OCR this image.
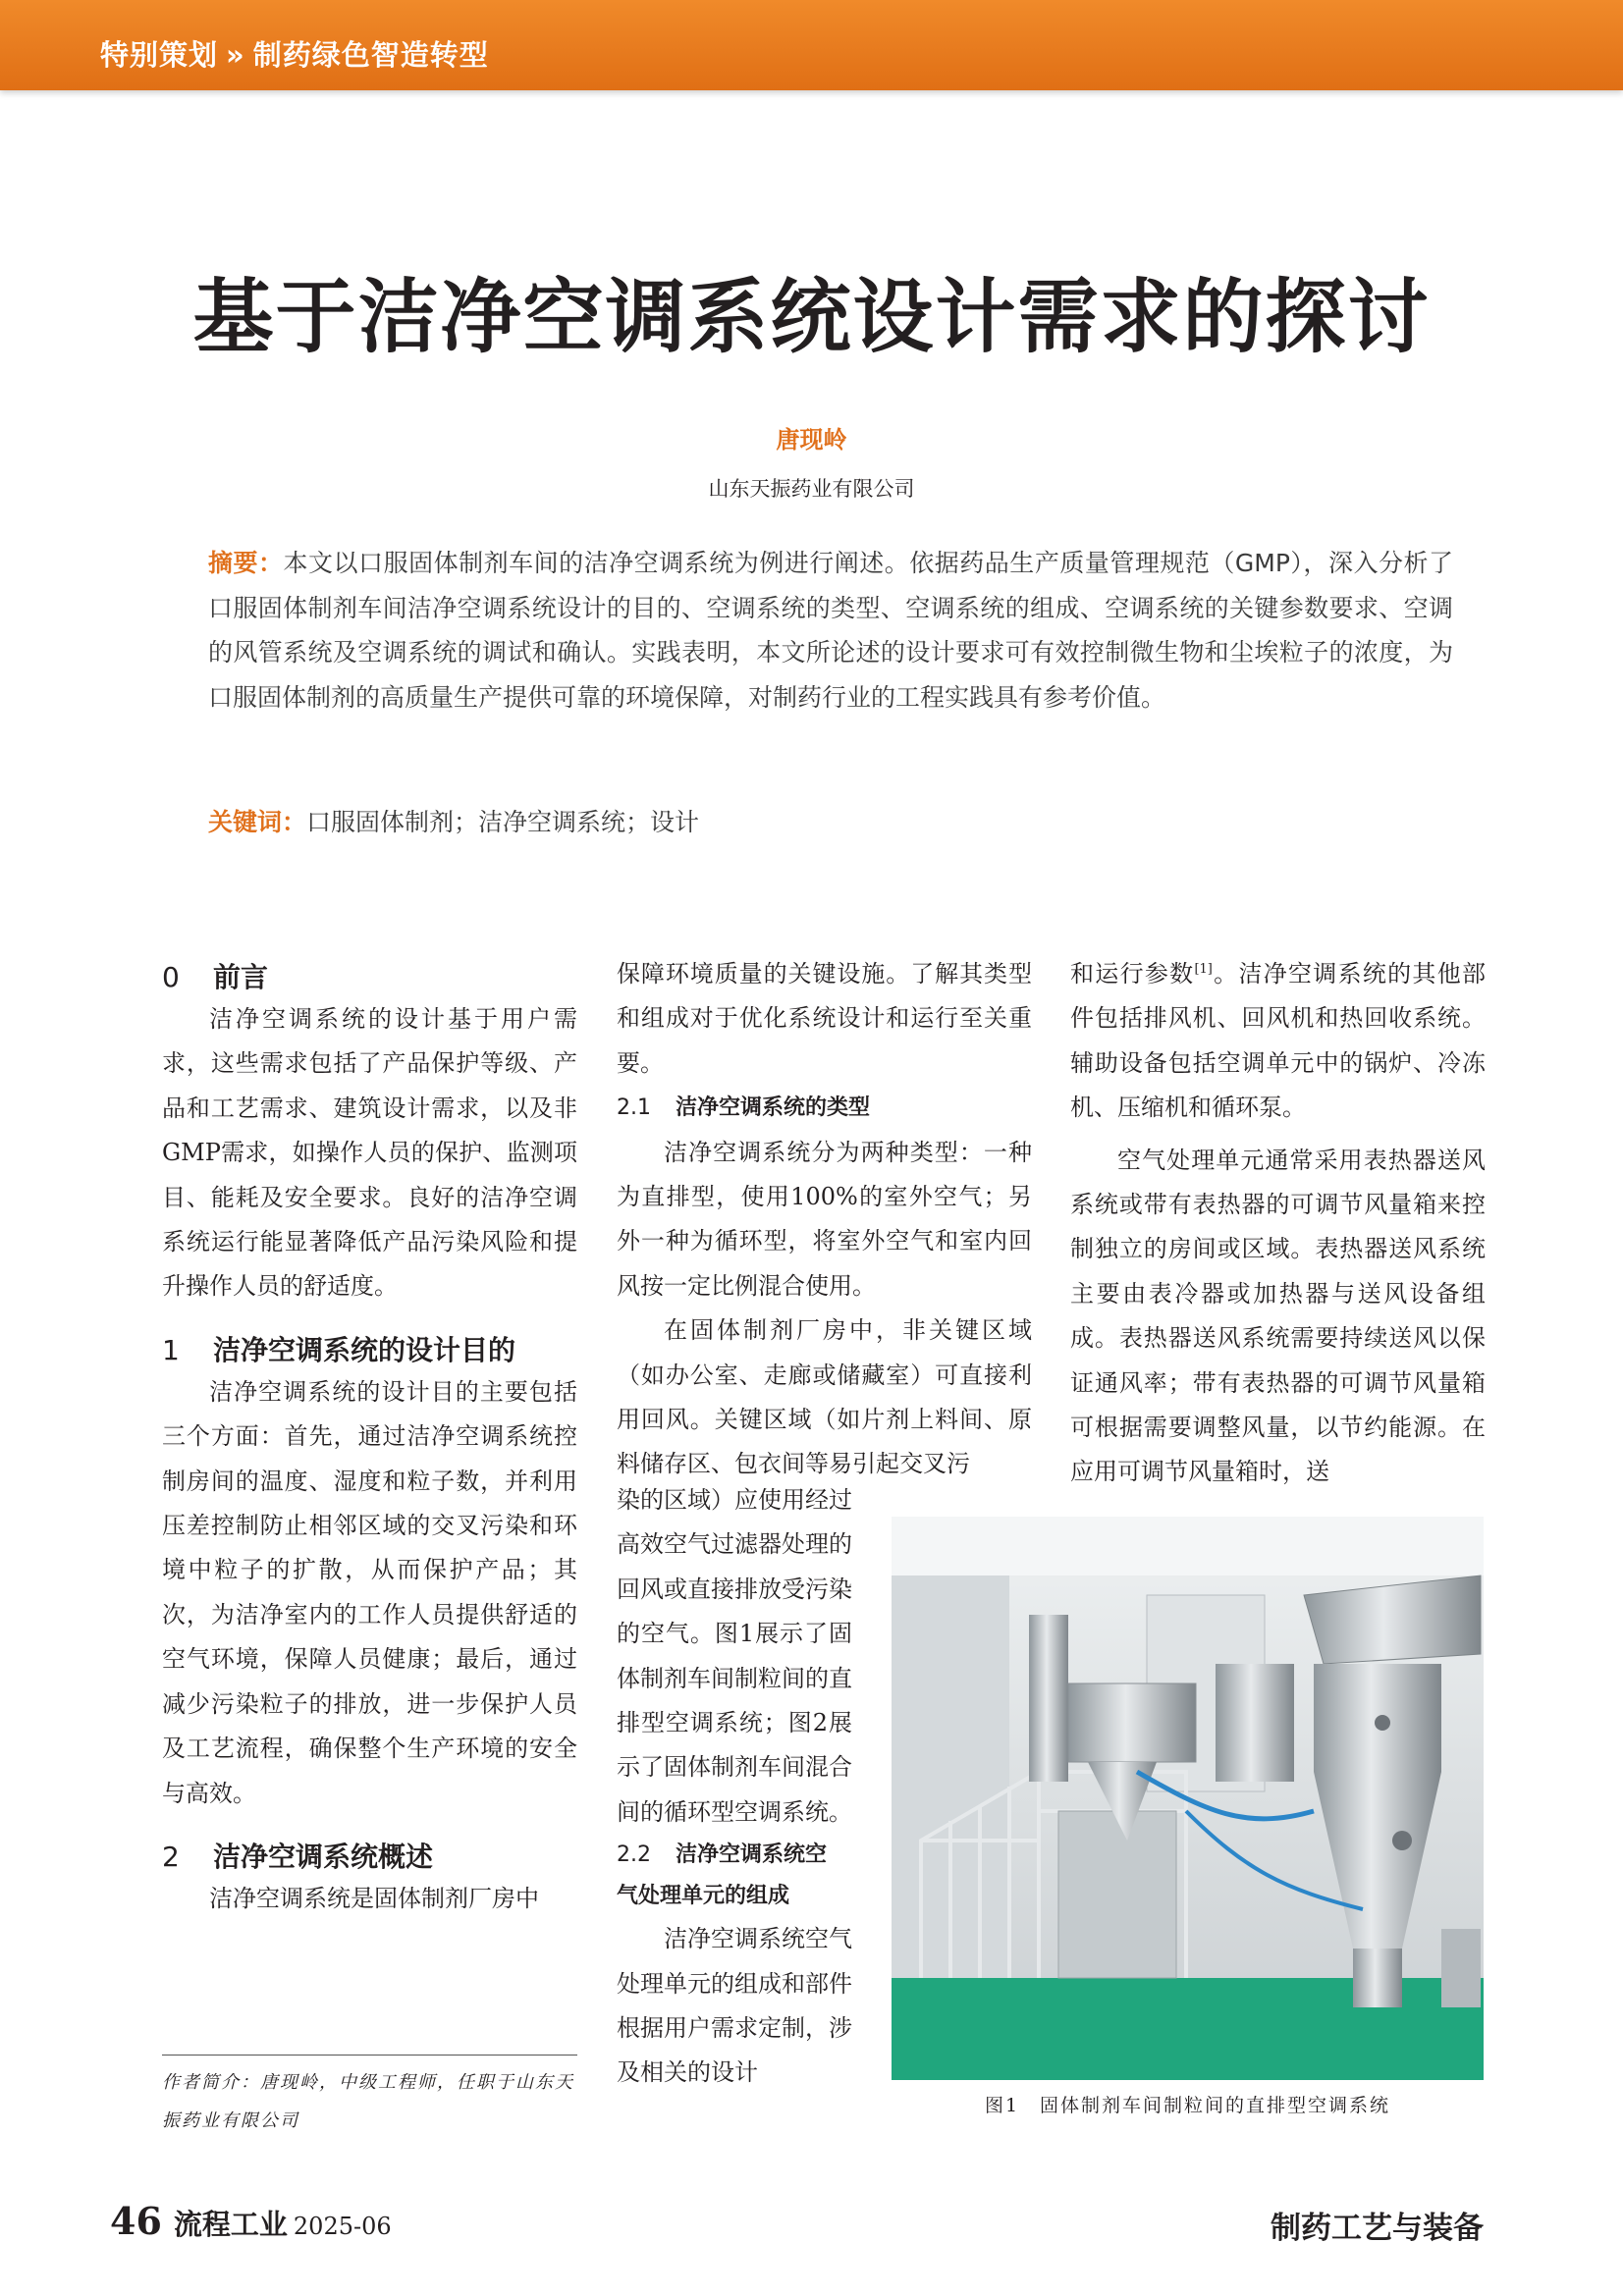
特别策划 » 制药绿色智造转型
基于洁净空调系统设计需求的探讨
唐现岭
山东天振药业有限公司
摘要：本文以口服固体制剂车间的洁净空调系统为例进行阐述。依据药品生产质量管理规范（GMP），深入分析了口服固体制剂车间洁净空调系统设计的目的、空调系统的类型、空调系统的组成、空调系统的关键参数要求、空调的风管系统及空调系统的调试和确认。实践表明，本文所论述的设计要求可有效控制微生物和尘埃粒子的浓度，为口服固体制剂的高质量生产提供可靠的环境保障，对制药行业的工程实践具有参考价值。
关键词：口服固体制剂；洁净空调系统；设计
0 前言

洁净空调系统的设计基于用户需求，这些需求包括了产品保护等级、产品和工艺需求、建筑设计需求，以及非GMP需求，如操作人员的保护、监测项目、能耗及安全要求。良好的洁净空调系统运行能显著降低产品污染风险和提升操作人员的舒适度。

1 洁净空调系统的设计目的

洁净空调系统的设计目的主要包括三个方面：首先，通过洁净空调系统控制房间的温度、湿度和粒子数，并利用压差控制防止相邻区域的交叉污染和环境中粒子的扩散，从而保护产品；其次，为洁净室内的工作人员提供舒适的空气环境，保障人员健康；最后，通过减少污染粒子的排放，进一步保护人员及工艺流程，确保整个生产环境的安全与高效。

2 洁净空调系统概述

洁净空调系统是固体制剂厂房中

作者简介：唐现岭，中级工程师，任职于山东天振药业有限公司

保障环境质量的关键设施。了解其类型和组成对于优化系统设计和运行至关重要。

2.1 洁净空调系统的类型

洁净空调系统分为两种类型：一种为直排型，使用100%的室外空气；另外一种为循环型，将室外空气和室内回风按一定比例混合使用。

在固体制剂厂房中，非关键区域（如办公室、走廊或储藏室）可直接利用回风。关键区域（如片剂上料间、原料储存区、包衣间等易引起交叉污

染的区域）应使用经过高效空气过滤器处理的回风或直接排放受污染的空气。图1展示了固体制剂车间制粒间的直排型空调系统；图2展示了固体制剂车间混合间的循环型空调系统。

2.2 洁净空调系统空
气处理单元的组成

洁净空调系统空气处理单元的组成和部件根据用户需求定制，涉及相关的设计

和运行参数[1]。洁净空调系统的其他部件包括排风机、回风机和热回收系统。辅助设备包括空调单元中的锅炉、冷冻机、压缩机和循环泵。

空气处理单元通常采用表热器送风系统或带有表热器的可调节风量箱来控制独立的房间或区域。表热器送风系统主要由表冷器或加热器与送风设备组成。表热器送风系统需要持续送风以保证通风率；带有表热器的可调节风量箱可根据需要调整风量，以节约能源。在应用可调节风量箱时，送

图1　固体制剂车间制粒间的直排型空调系统
46 流程工业 2025-06	制药工艺与装备
